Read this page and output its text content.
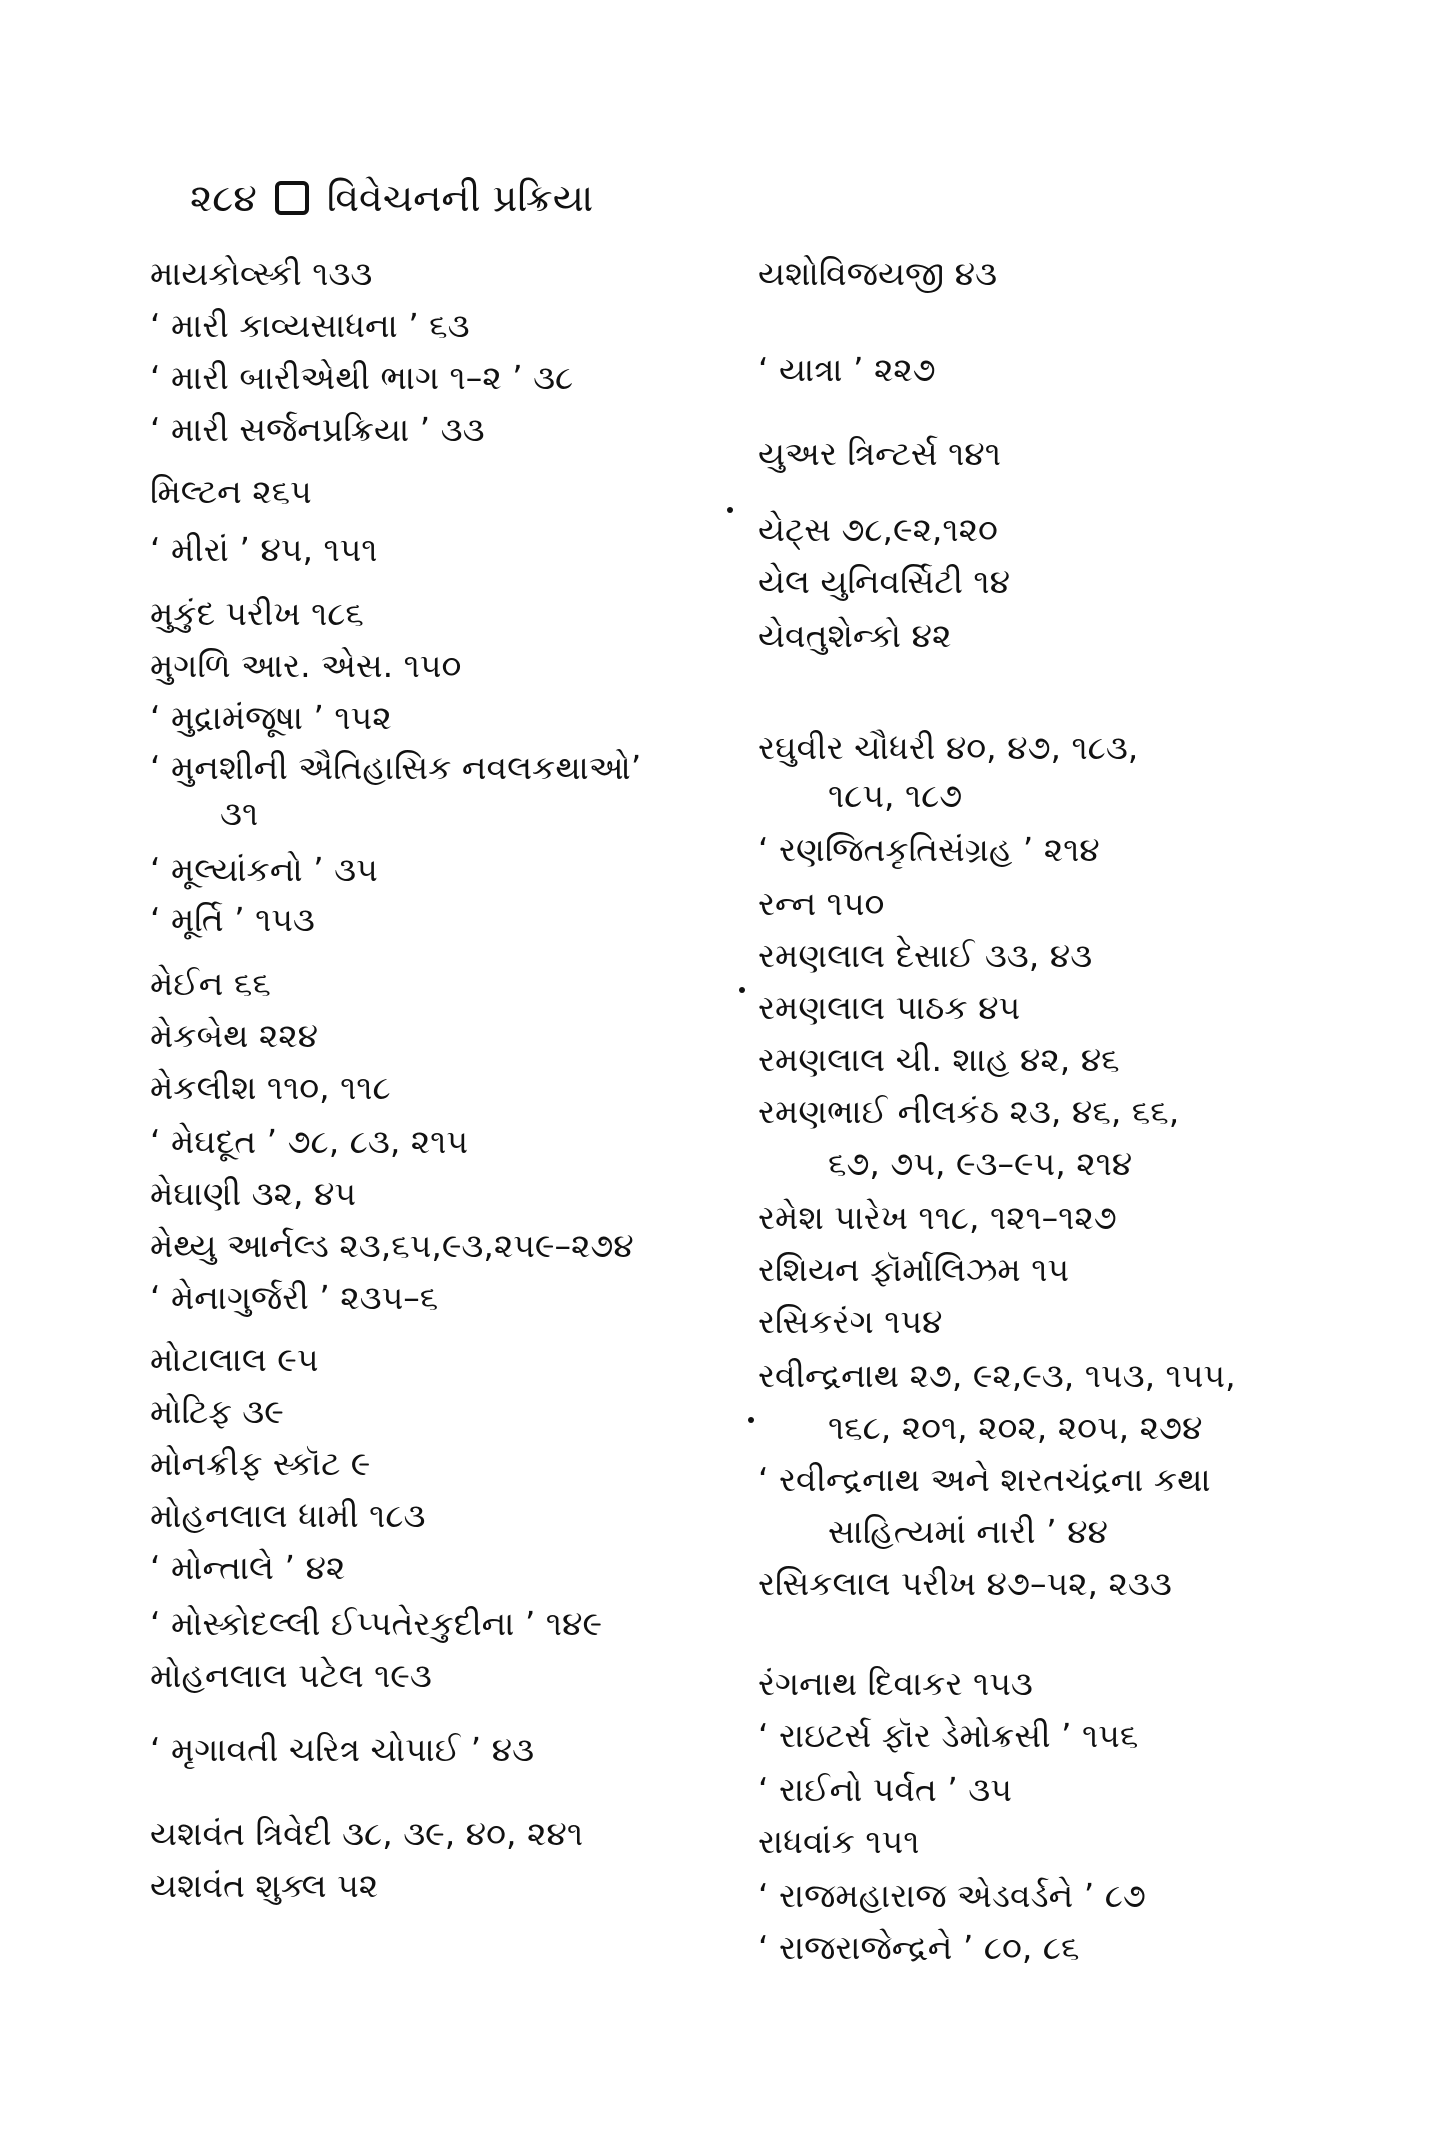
૨૮૪ વિવેચનની પ્રક્રિયા
માયકોવ્સ્કી ૧૩૩
‘ મારી કાવ્યસાધના ’ ૬૩
‘ મારી બારીએથી ભાગ ૧–૨ ’ ૩૮
‘ મારી સર્જનપ્રક્રિયા ’ ૩૩
મિલ્ટન ૨૬૫
‘ મીરાં ’ ૪૫, ૧૫૧
મુકુંદ પરીખ ૧૮૬
મુગળિ આર. એસ. ૧૫૦
‘ મુદ્રામંજૂષા ’ ૧૫૨
‘ મુનશીની ઐતિહાસિક નવલકથાઓ’
૩૧
‘ મૂલ્યાંકનો ’ ૩૫
‘ મૂર્તિ ’ ૧૫૩
મેઈન ૬૬
મેકબેથ ૨૨૪
મેકલીશ ૧૧૦, ૧૧૮
‘ મેઘદૂત ’ ૭૮, ૮૩, ૨૧૫
મેઘાણી ૩૨, ૪૫
મેથ્યુ આર્નલ્ડ ૨૩,૬૫,૯૩,૨૫૯–૨૭૪
‘ મેનાગુર્જરી ’ ૨૩૫–૬
મોટાલાલ ૯૫
મોટિફ ૩૯
મોનક્રીફ સ્કૉટ ૯
મોહનલાલ ધામી ૧૮૩
‘ મોન્તાલે ’ ૪૨
‘ મોસ્કોદલ્લી ઈપ્પતેરકુદીના ’ ૧૪૯
મોહનલાલ પટેલ ૧૯૩
‘ મૃગાવતી ચરિત્ર ચોપાઈ ’ ૪૩
યશવંત ત્રિવેદી ૩૮, ૩૯, ૪૦, ૨૪૧
યશવંત શુક્લ ૫૨
યશોવિજયજી ૪૩
‘ યાત્રા ’ ૨૨૭
યુઅર ત્રિન્ટર્સ ૧૪૧
યેટ્સ ૭૮,૯૨,૧૨૦
યેલ યુનિવર્સિટી ૧૪
યેવતુશેન્કો ૪૨
રઘુવીર ચૌધરી ૪૦, ૪૭, ૧૮૩,
૧૮૫, ૧૮૭
‘ રણજિતકૃતિસંગ્રહ ’ ૨૧૪
રન્ન ૧૫૦
રમણલાલ દેસાઈ ૩૩, ૪૩
રમણલાલ પાઠક ૪૫
રમણલાલ ચી. શાહ ૪૨, ૪૬
રમણભાઈ નીલકંઠ ૨૩, ૪૬, ૬૬,
૬૭, ૭૫, ૯૩–૯૫, ૨૧૪
રમેશ પારેખ ૧૧૮, ૧૨૧–૧૨૭
રશિયન ફૉર્માલિઝમ ૧૫
રસિકરંગ ૧૫૪
રવીન્દ્રનાથ ૨૭, ૯૨,૯૩, ૧૫૩, ૧૫૫,
૧૬૮, ૨૦૧, ૨૦૨, ૨૦૫, ૨૭૪
‘ રવીન્દ્રનાથ અને શરતચંદ્રના કથા
સાહિત્યમાં નારી ’ ૪૪
રસિકલાલ પરીખ ૪૭–૫૨, ૨૩૩
રંગનાથ દિવાકર ૧૫૩
‘ રાઇટર્સ ફૉર ડેમોક્રસી ’ ૧૫૬
‘ રાઈનો પર્વત ’ ૩૫
રાધવાંક ૧૫૧
‘ રાજમહારાજ એડવર્ડને ’ ૮૭
‘ રાજરાજેન્દ્રને ’ ૮૦, ૮૬
